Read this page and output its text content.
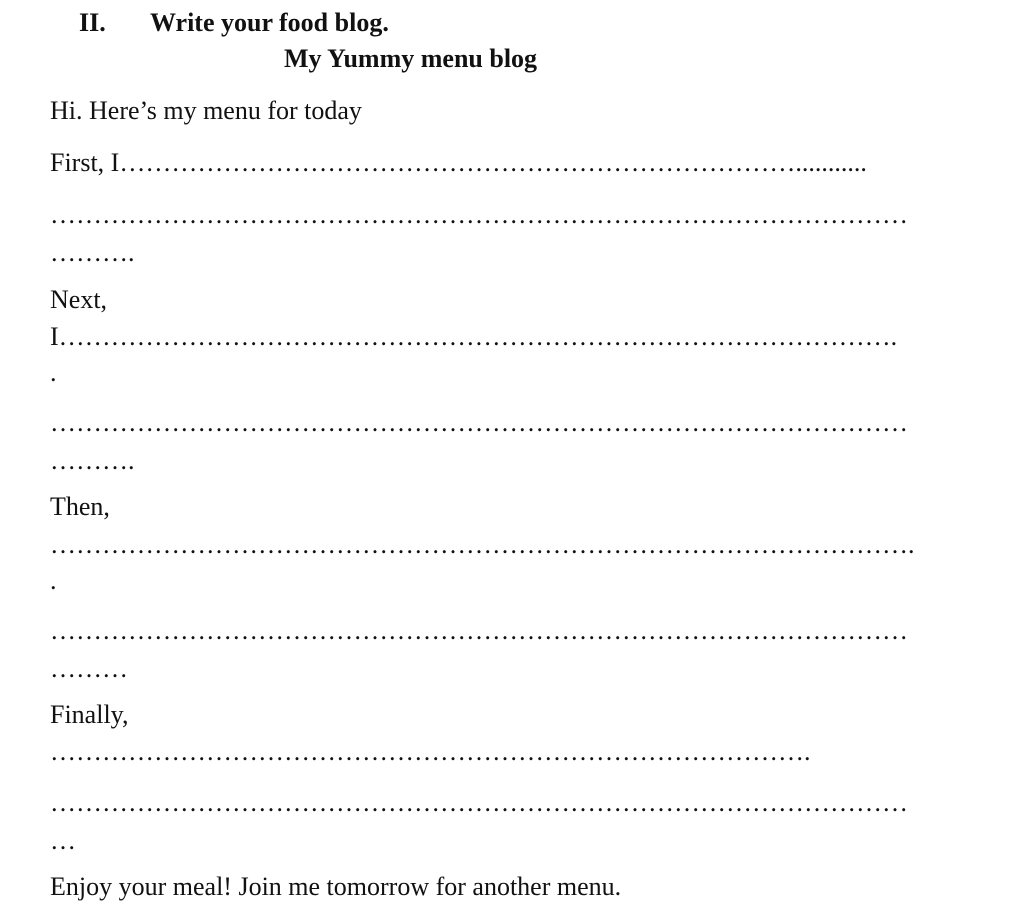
II. Write your food blog.
My Yummy menu blog
Hi. Here’s my menu for today
First, I……………………………………………………………………...........
………………………………………………………………………………………
……….
Next,
I…………………………………………………………………………………….
.
………………………………………………………………………………………
……….
Then,
……………………………………………………………………………………….
.
………………………………………………………………………………………
………
Finally,
…………………………………………………………………………….
………………………………………………………………………………………
…
Enjoy your meal! Join me tomorrow for another menu.
